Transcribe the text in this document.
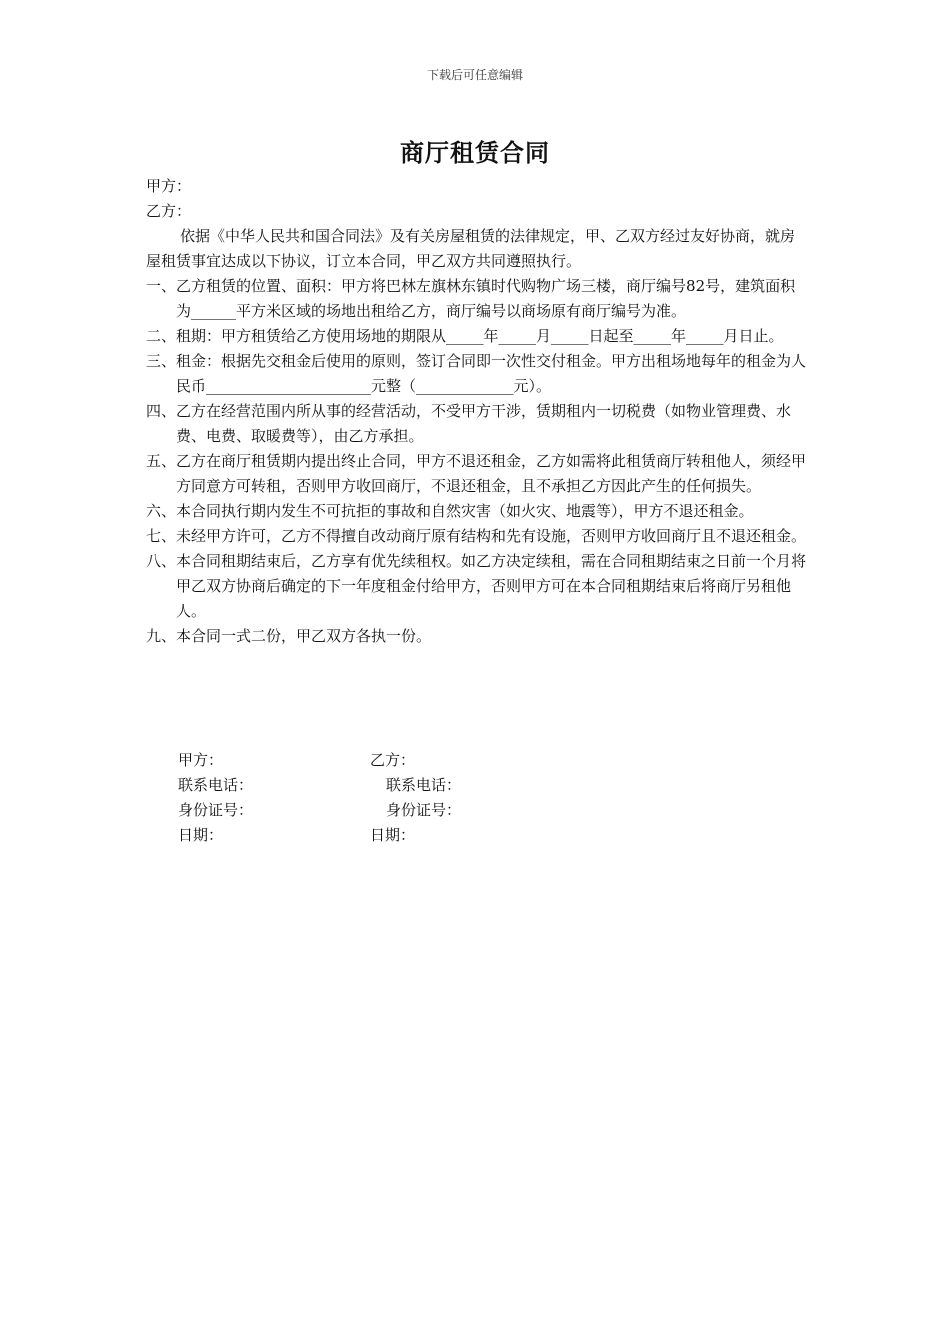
下载后可任意编辑
商厅租赁合同
甲方：
乙方：
依据《中华人民共和国合同法》及有关房屋租赁的法律规定，甲、乙双方经过友好协商，就房屋租赁事宜达成以下协议，订立本合同，甲乙双方共同遵照执行。
一、 乙方租赁的位置、面积：甲方将巴林左旗林东镇时代购物广场三楼，商厅编号82号，建筑面积为______平方米区域的场地出租给乙方，商厅编号以商场原有商厅编号为准。
二、 租期：甲方租赁给乙方使用场地的期限从_____年_____月_____日起至_____年_____月日止。
三、 租金：根据先交租金后使用的原则，签订合同即一次性交付租金。甲方出租场地每年的租金为人民币______________________元整（_____________元）。
四、 乙方在经营范围内所从事的经营活动，不受甲方干涉，赁期租内一切税费（如物业管理费、水费、电费、取暖费等），由乙方承担。
五、 乙方在商厅租赁期内提出终止合同，甲方不退还租金，乙方如需将此租赁商厅转租他人，须经甲方同意方可转租，否则甲方收回商厅，不退还租金，且不承担乙方因此产生的任何损失。
六、本合同执行期内发生不可抗拒的事故和自然灾害（如火灾、地震等），甲方不退还租金。
七、 未经甲方许可，乙方不得擅自改动商厅原有结构和先有设施，否则甲方收回商厅且不退还租金。
八、 本合同租期结束后，乙方享有优先续租权。如乙方决定续租，需在合同租期结束之日前一个月将甲乙双方协商后确定的下一年度租金付给甲方，否则甲方可在本合同租期结束后将商厅另租他人。
九、 本合同一式二份，甲乙双方各执一份。
甲方：	乙方：
联系电话：	联系电话：
身份证号：	身份证号：
日期：	日期：
